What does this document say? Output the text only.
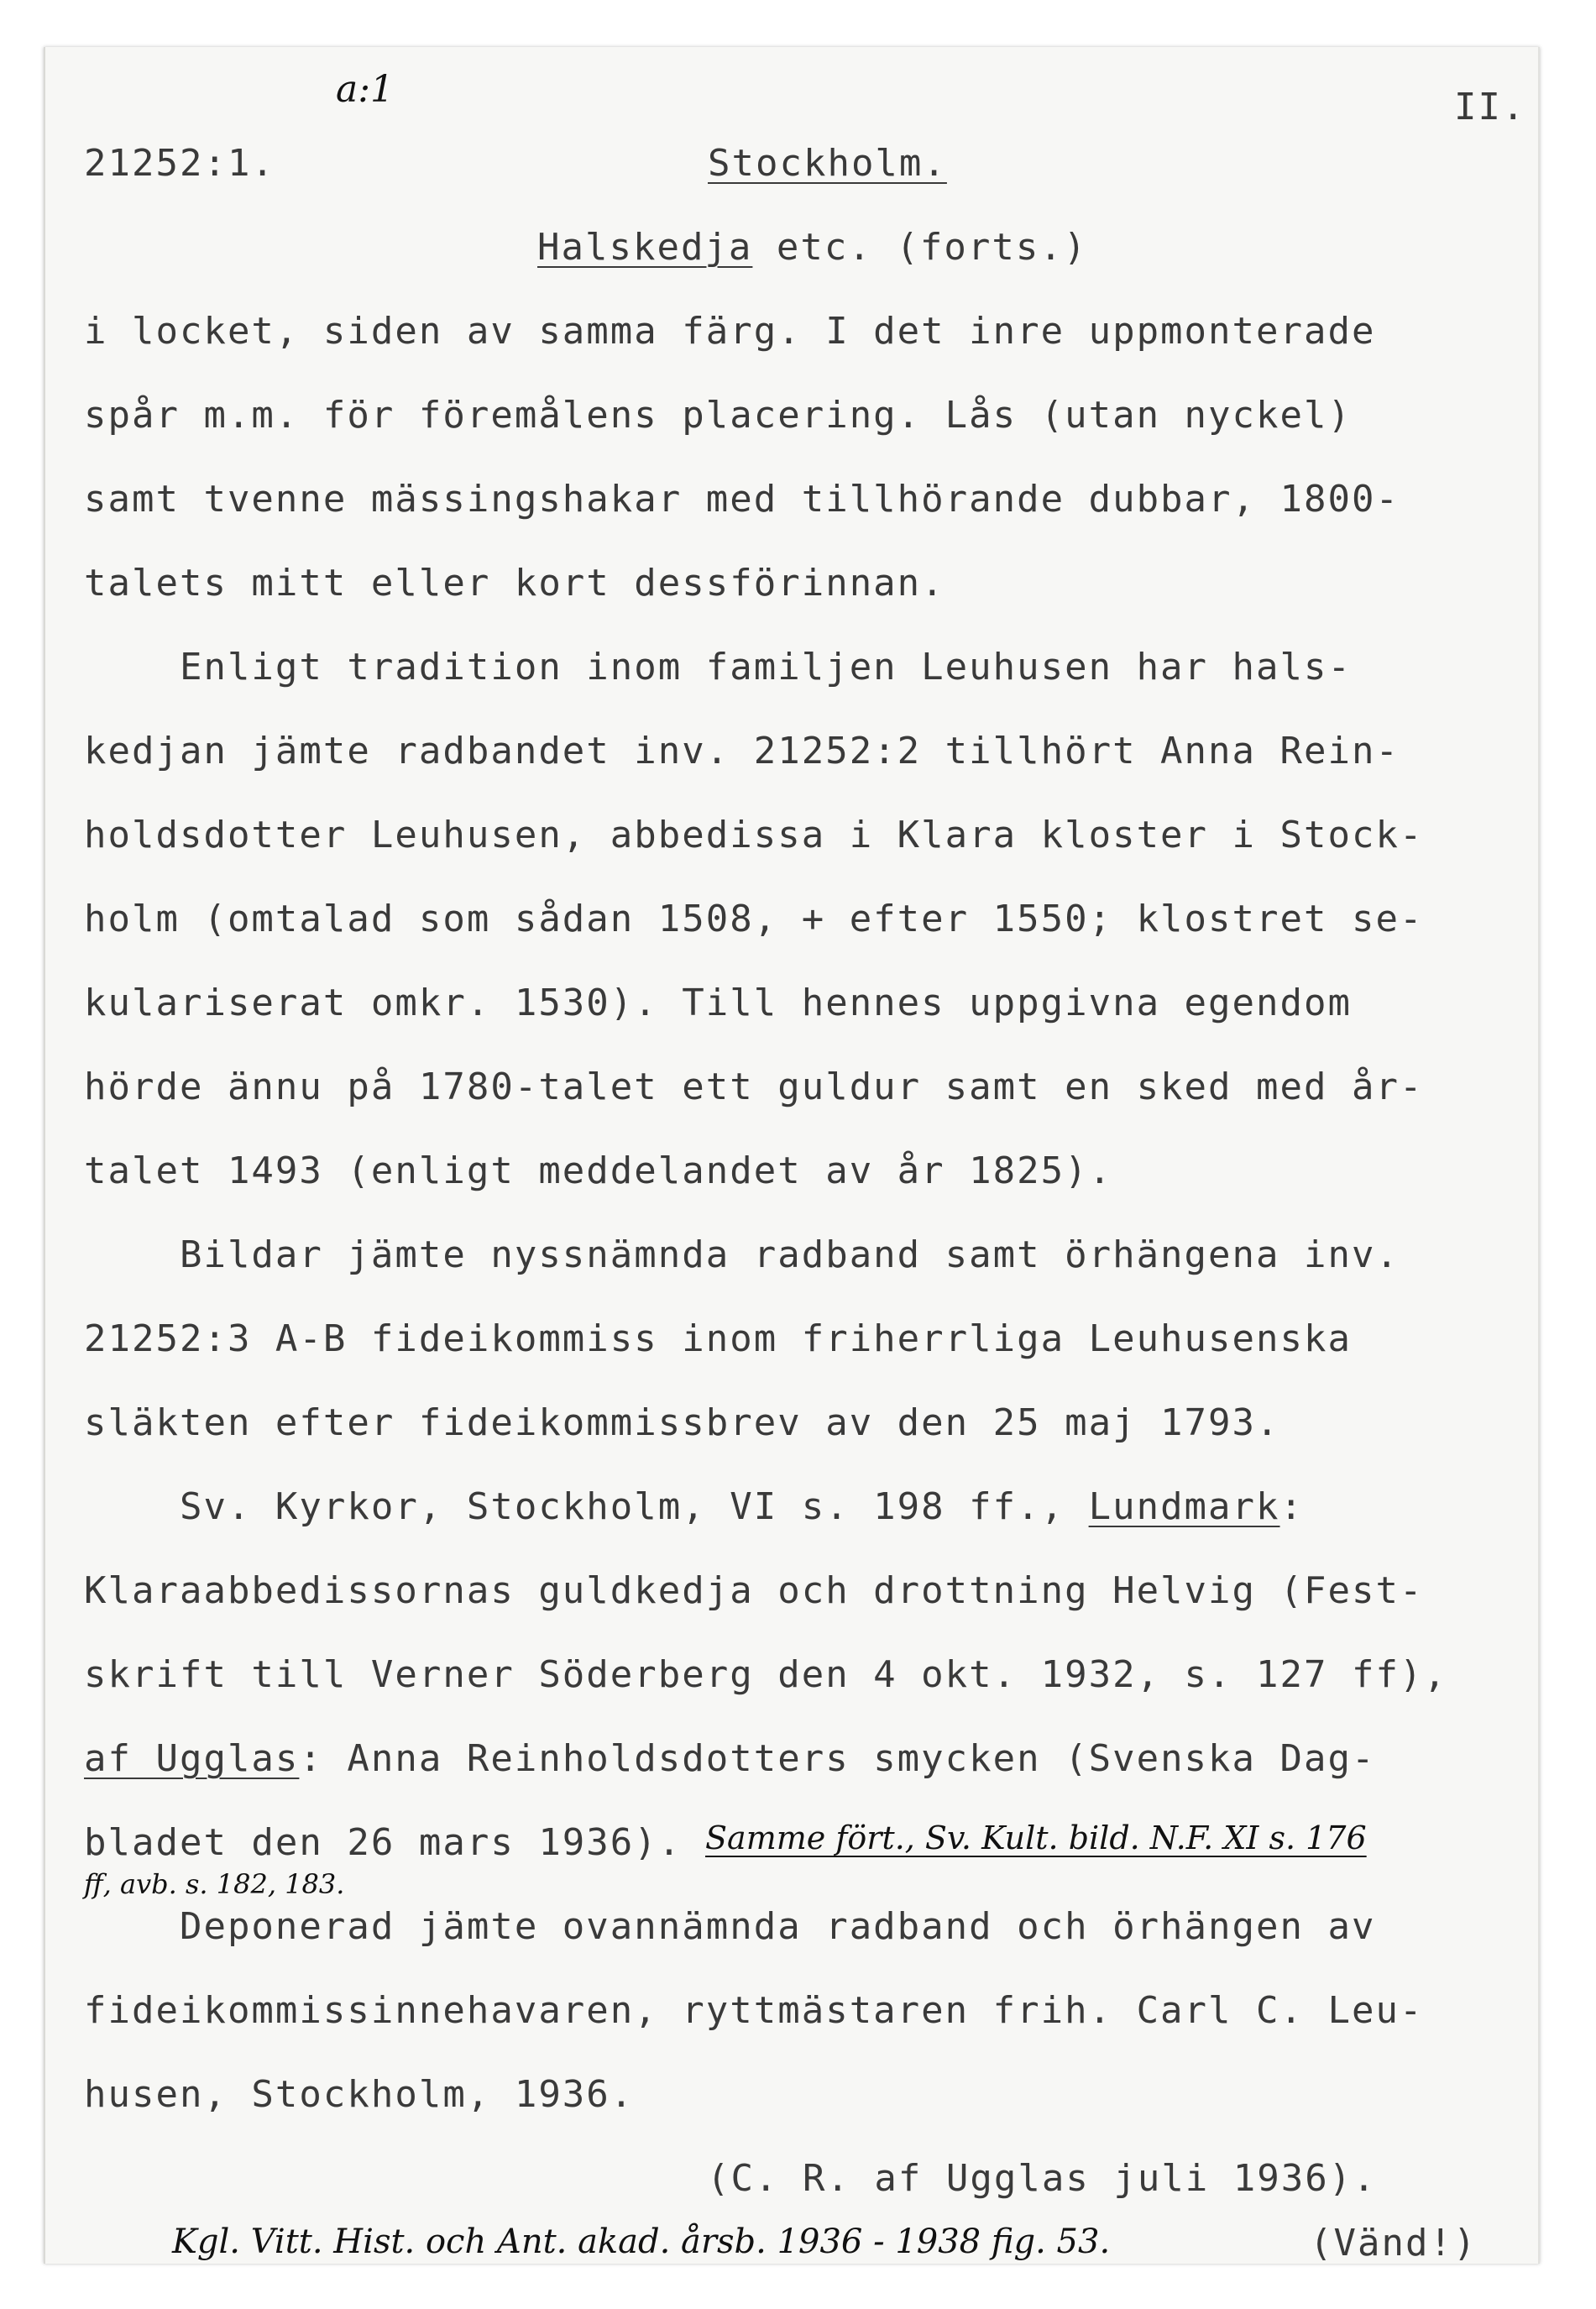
a:1	II.
21252:1.	Stockholm.
Halskedja etc. (forts.)
i locket, siden av samma färg. I det inre uppmonterade
spår m.m. för föremålens placering. Lås (utan nyckel)
samt tvenne mässingshakar med tillhörande dubbar, 1800-
talets mitt eller kort dessförinnan.
Enligt tradition inom familjen Leuhusen har hals-
kedjan jämte radbandet inv. 21252:2 tillhört Anna Rein-
holdsdotter Leuhusen, abbedissa i Klara kloster i Stock-
holm (omtalad som sådan 1508, + efter 1550; klostret se-
kulariserat omkr. 1530). Till hennes uppgivna egendom
hörde ännu på 1780-talet ett guldur samt en sked med år-
talet 1493 (enligt meddelandet av år 1825).
Bildar jämte nyssnämnda radband samt örhängena inv.
21252:3 A-B fideikommiss inom friherrliga Leuhusenska
släkten efter fideikommissbrev av den 25 maj 1793.
Sv. Kyrkor, Stockholm, VI s. 198 ff., Lundmark:
Klaraabbedissornas guldkedja och drottning Helvig (Fest-
skrift till Verner Söderberg den 4 okt. 1932, s. 127 ff),
af Ugglas: Anna Reinholdsdotters smycken (Svenska Dag-
bladet den 26 mars 1936). Samme fört., Sv. Kult. bild. N.F. XI s. 176
ff, avb. s. 182, 183.
Deponerad jämte ovannämnda radband och örhängen av
fideikommissinnehavaren, ryttmästaren frih. Carl C. Leu-
husen, Stockholm, 1936.
(C. R. af Ugglas juli 1936).
Kgl. Vitt. Hist. och Ant. akad. årsb. 1936 - 1938 fig. 53.	(Vänd!)
